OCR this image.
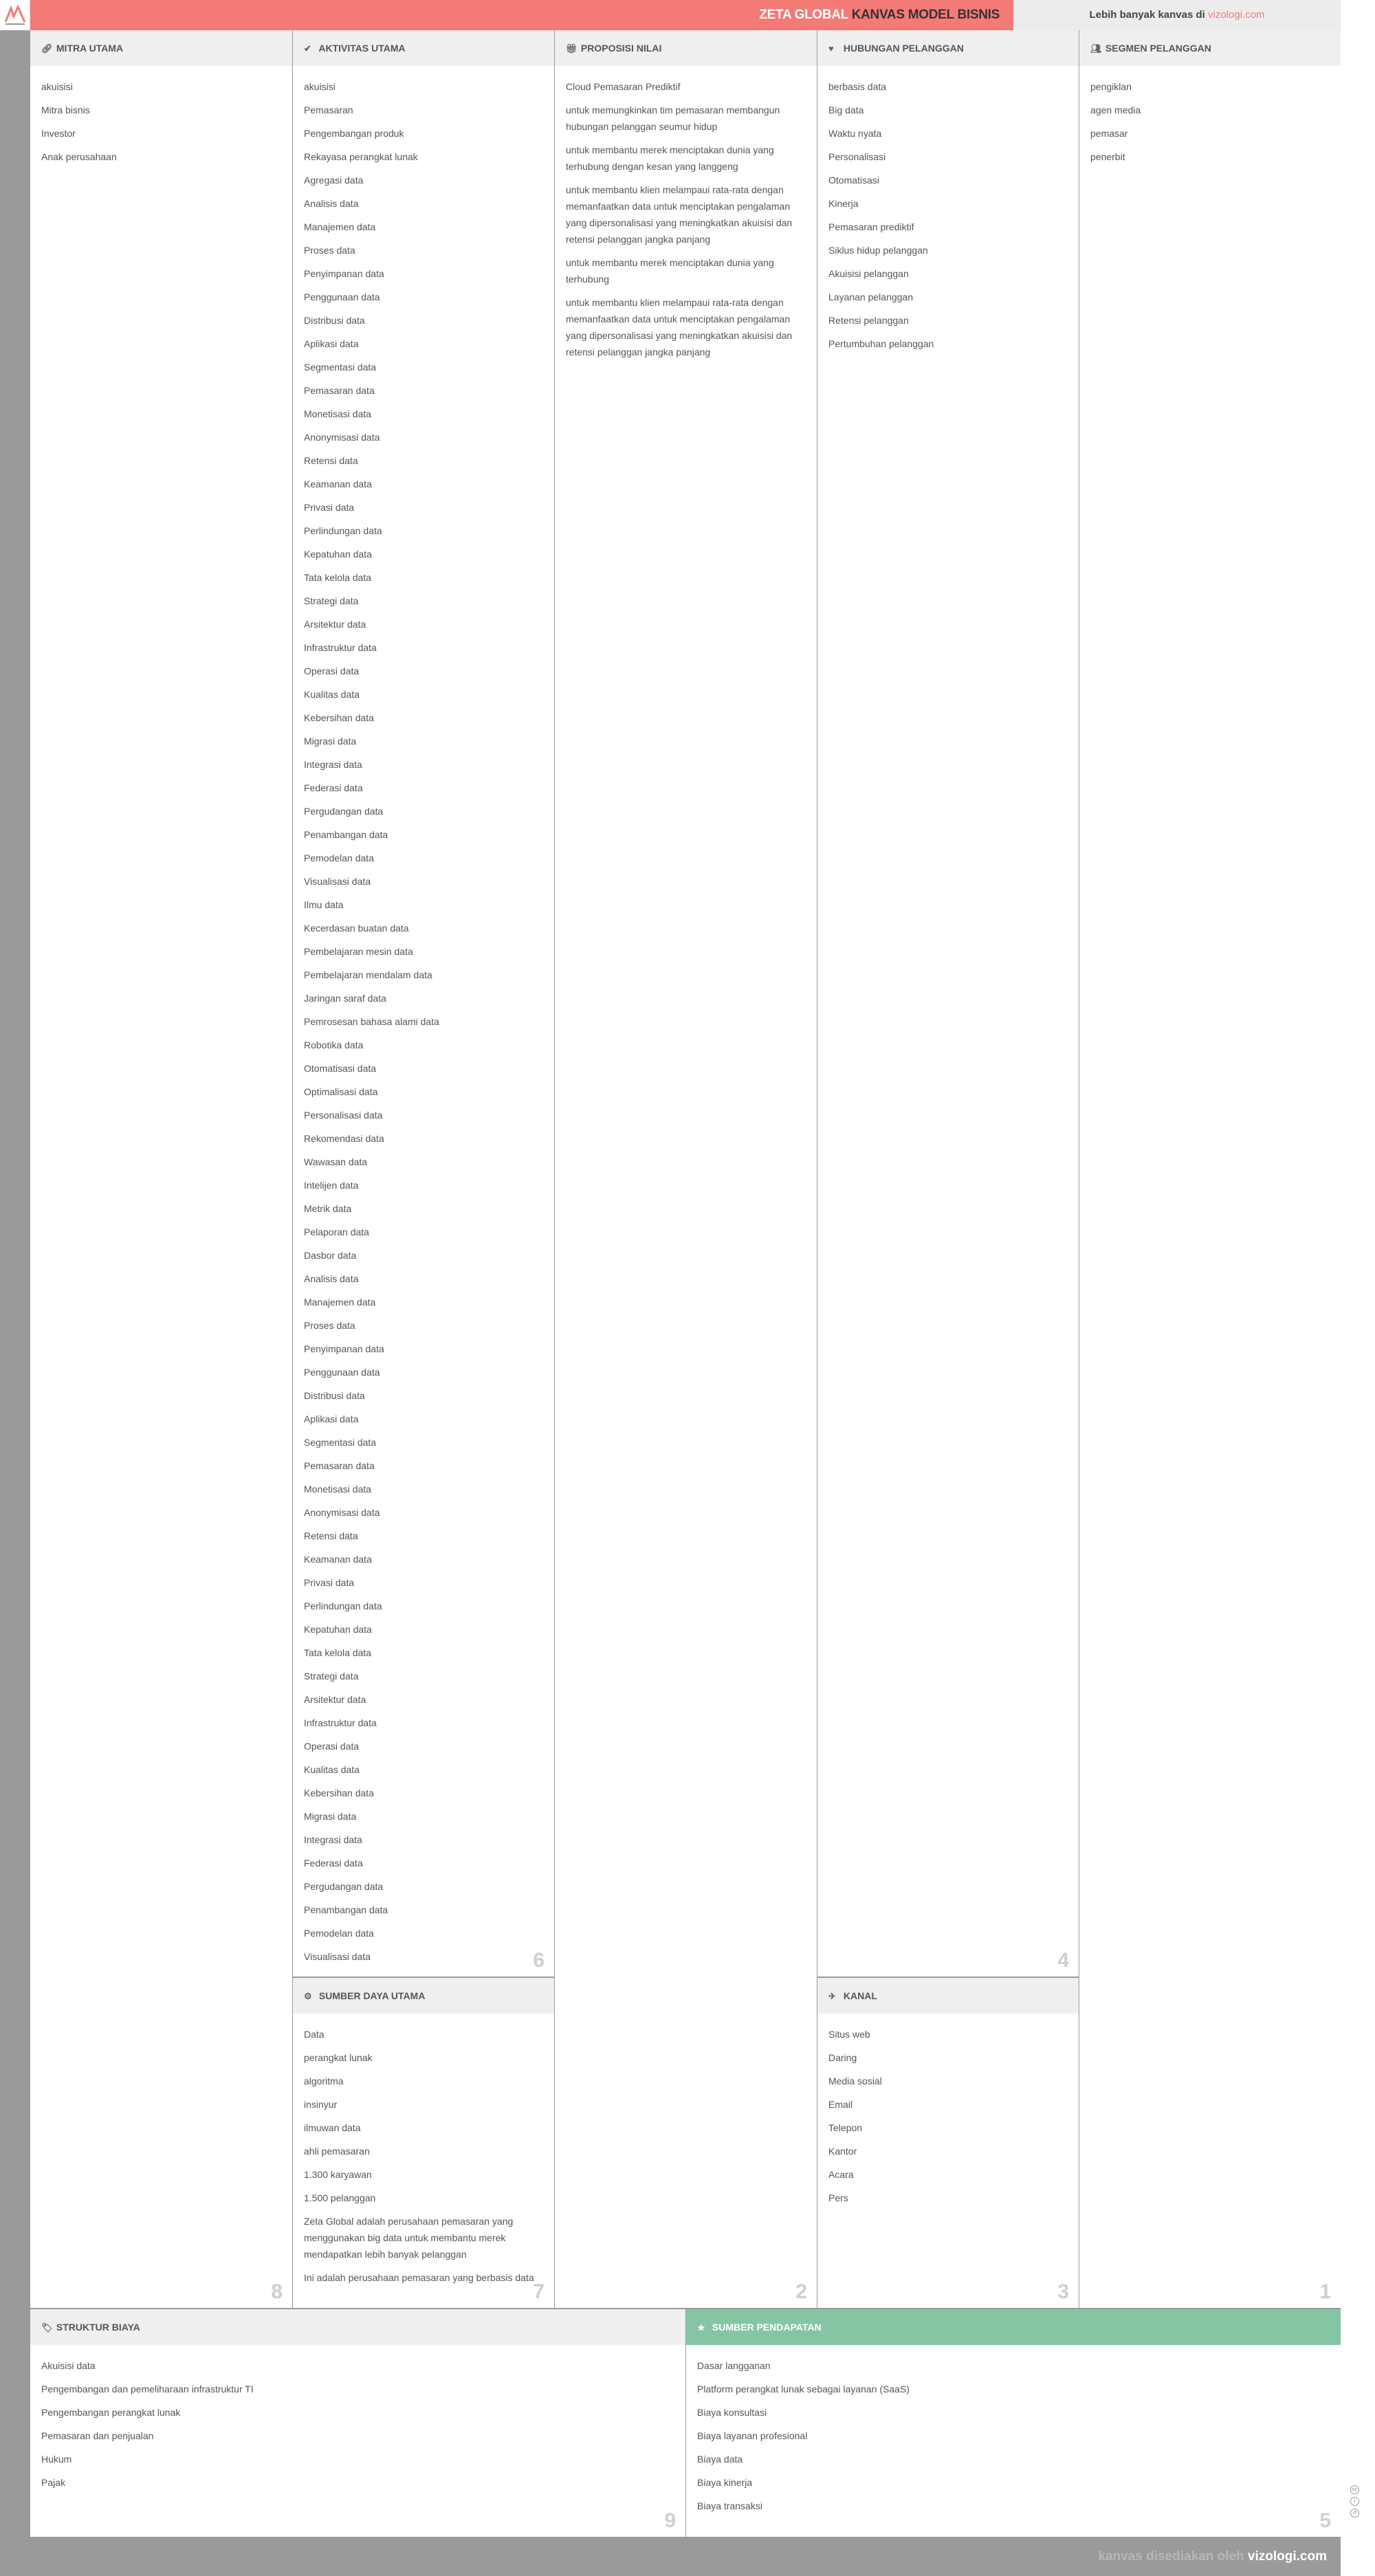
ZETA GLOBAL KANVAS MODEL BISNIS	Lebih banyak kanvas di vizologi.com
🔗︎ MITRA UTAMA
akuisisi
Mitra bisnis
Investor
Anak perusahaan
8
✔ AKTIVITAS UTAMA
akuisisi
Pemasaran
Pengembangan produk
Rekayasa perangkat lunak
Agregasi data
Analisis data
Manajemen data
Proses data
Penyimpanan data
Penggunaan data
Distribusi data
Aplikasi data
Segmentasi data
Pemasaran data
Monetisasi data
Anonymisasi data
Retensi data
Keamanan data
Privasi data
Perlindungan data
Kepatuhan data
Tata kelola data
Strategi data
Arsitektur data
Infrastruktur data
Operasi data
Kualitas data
Kebersihan data
Migrasi data
Integrasi data
Federasi data
Pergudangan data
Penambangan data
Pemodelan data
Visualisasi data
Ilmu data
Kecerdasan buatan data
Pembelajaran mesin data
Pembelajaran mendalam data
Jaringan saraf data
Pemrosesan bahasa alami data
Robotika data
Otomatisasi data
Optimalisasi data
Personalisasi data
Rekomendasi data
Wawasan data
Intelijen data
Metrik data
Pelaporan data
Dasbor data
Analisis data
Manajemen data
Proses data
Penyimpanan data
Penggunaan data
Distribusi data
Aplikasi data
Segmentasi data
Pemasaran data
Monetisasi data
Anonymisasi data
Retensi data
Keamanan data
Privasi data
Perlindungan data
Kepatuhan data
Tata kelola data
Strategi data
Arsitektur data
Infrastruktur data
Operasi data
Kualitas data
Kebersihan data
Migrasi data
Integrasi data
Federasi data
Pergudangan data
Penambangan data
Pemodelan data
Visualisasi data	6
⚙ SUMBER DAYA UTAMA
Data
perangkat lunak
algoritma
insinyur
ilmuwan data
ahli pemasaran
1.300 karyawan
1.500 pelanggan
Zeta Global adalah perusahaan pemasaran yang menggunakan big data untuk membantu merek mendapatkan lebih banyak pelanggan
Ini adalah perusahaan pemasaran yang berbasis data
7
🎁︎ PROPOSISI NILAI
Cloud Pemasaran Prediktif
untuk memungkinkan tim pemasaran membangun hubungan pelanggan seumur hidup
untuk membantu merek menciptakan dunia yang terhubung dengan kesan yang langgeng
untuk membantu klien melampaui rata-rata dengan memanfaatkan data untuk menciptakan pengalaman yang dipersonalisasi yang meningkatkan akuisisi dan retensi pelanggan jangka panjang
untuk membantu merek menciptakan dunia yang terhubung
untuk membantu klien melampaui rata-rata dengan memanfaatkan data untuk menciptakan pengalaman yang dipersonalisasi yang meningkatkan akuisisi dan retensi pelanggan jangka panjang
2
♥ HUBUNGAN PELANGGAN
berbasis data
Big data
Waktu nyata
Personalisasi
Otomatisasi
Kinerja
Pemasaran prediktif
Siklus hidup pelanggan
Akuisisi pelanggan
Layanan pelanggan
Retensi pelanggan
Pertumbuhan pelanggan
4
✈ KANAL
Situs web
Daring
Media sosial
Email
Telepon
Kantor
Acara
Pers
3
👥︎ SEGMEN PELANGGAN
pengiklan
agen media
pemasar
penerbit
1
🏷︎ STRUKTUR BIAYA
Akuisisi data
Pengembangan dan pemeliharaan infrastruktur TI
Pengembangan perangkat lunak
Pemasaran dan penjualan
Hukum
Pajak
9
★ SUMBER PENDAPATAN
Dasar langganan
Platform perangkat lunak sebagai layanan (SaaS)
Biaya konsultasi
Biaya layanan profesional
Biaya data
Biaya kinerja
Biaya transaksi
5
cc
i
↺
kanvas disediakan oleh vizologi.com
